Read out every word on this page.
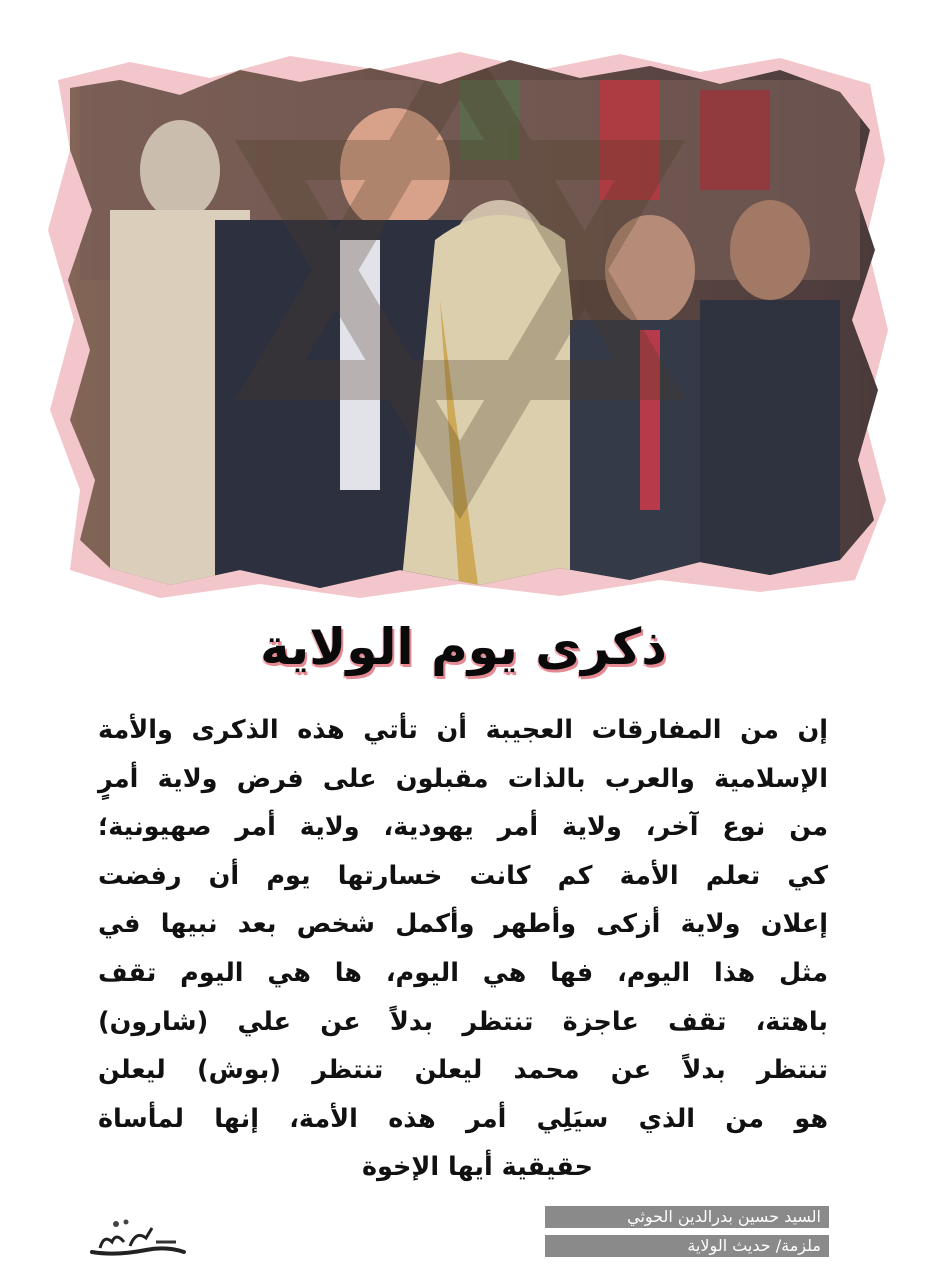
ذكرى يوم الولاية
إن من المفارقات العجيبة أن تأتي هذه الذكرى والأمة
الإسلامية والعرب بالذات مقبلون على فرض ولاية أمرٍ
من نوع آخر، ولاية أمر يهودية، ولاية أمر صهيونية؛
كي تعلم الأمة كم كانت خسارتها يوم أن رفضت
إعلان ولاية أزكى وأطهر وأكمل شخص بعد نبيها في
مثل هذا اليوم، فها هي اليوم، ها هي اليوم تقف
باهتة، تقف عاجزة تنتظر بدلاً عن علي (شارون)
تنتظر بدلاً عن محمد ليعلن تنتظر (بوش) ليعلن
هو من الذي سيَلِي أمر هذه الأمة، إنها لمأساة
حقيقية أيها الإخوة
السيد حسين بدرالدين الحوثي
ملزمة/ حديث الولاية
